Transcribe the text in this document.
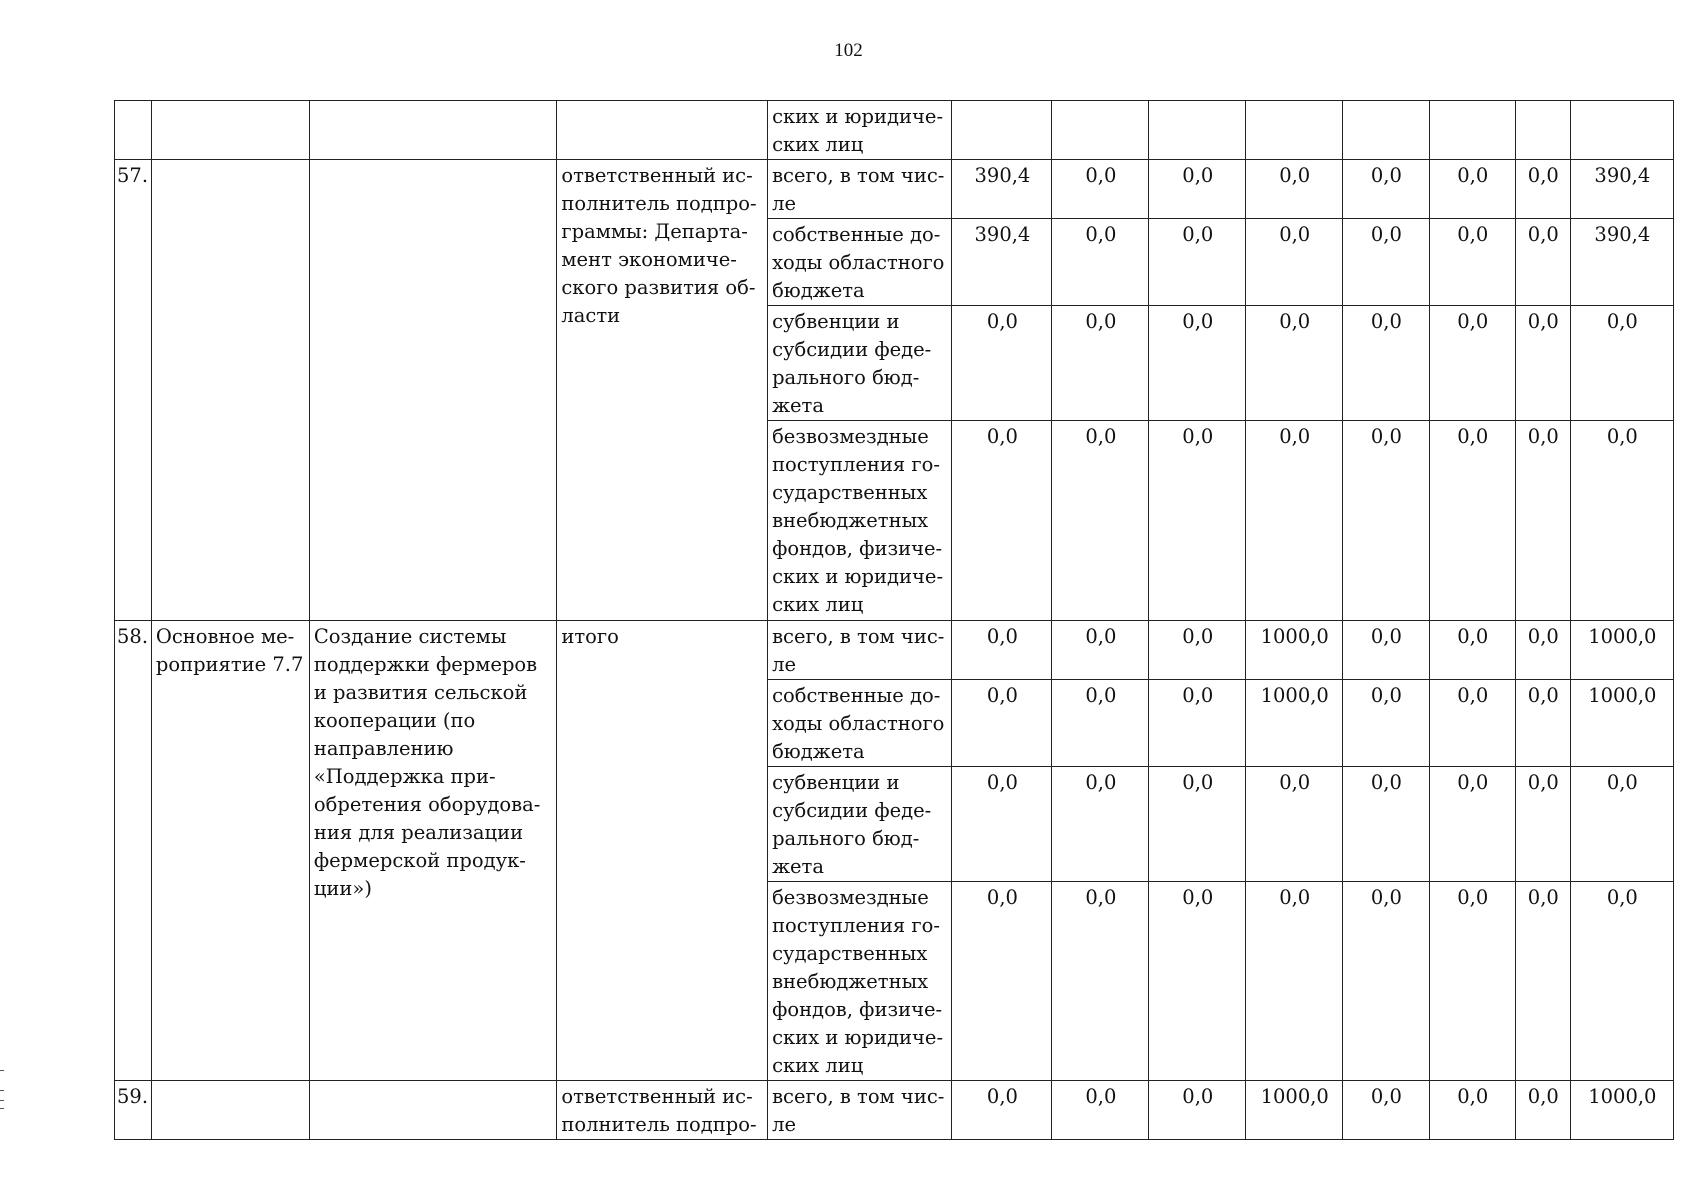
102
				ских и юридических лиц								
57.			ответственный исполнитель подпрограммы: Департамент экономического развития области	всего, в том числе	390,4	0,0	0,0	0,0	0,0	0,0	0,0	390,4
				собственные доходы областного бюджета	390,4	0,0	0,0	0,0	0,0	0,0	0,0	390,4
				субвенции и субсидии федерального бюджета	0,0	0,0	0,0	0,0	0,0	0,0	0,0	0,0
				безвозмездные поступления государственных внебюджетных фондов, физических и юридических лиц	0,0	0,0	0,0	0,0	0,0	0,0	0,0	0,0
58.	Основное мероприятие 7.7	Создание системы поддержки фермеров и развития сельской кооперации (по направлению «Поддержка приобретения оборудования для реализации фермерской продукции»)	итого	всего, в том числе	0,0	0,0	0,0	1000,0	0,0	0,0	0,0	1000,0
				собственные доходы областного бюджета	0,0	0,0	0,0	1000,0	0,0	0,0	0,0	1000,0
				субвенции и субсидии федерального бюджета	0,0	0,0	0,0	0,0	0,0	0,0	0,0	0,0
				безвозмездные поступления государственных внебюджетных фондов, физических и юридических лиц	0,0	0,0	0,0	0,0	0,0	0,0	0,0	0,0
59.			ответственный исполнитель подпро-	всего, в том числе	0,0	0,0	0,0	1000,0	0,0	0,0	0,0	1000,0
